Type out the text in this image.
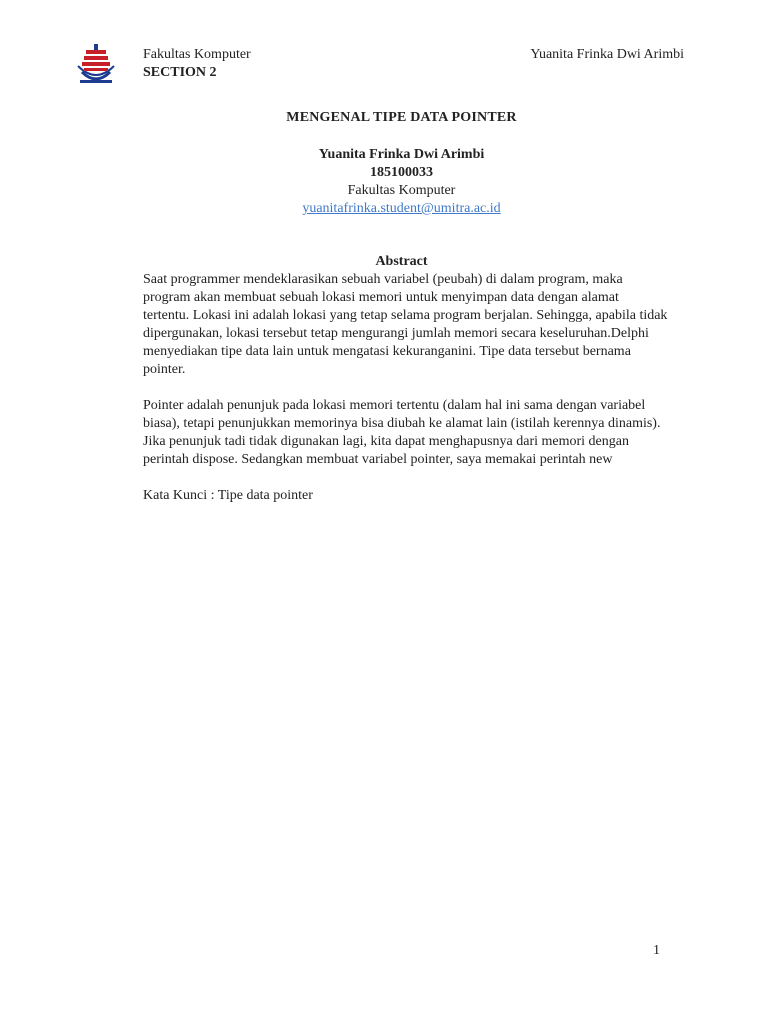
Fakultas Komputer
SECTION 2
Yuanita Frinka Dwi Arimbi
MENGENAL TIPE DATA POINTER
Yuanita Frinka Dwi Arimbi
185100033
Fakultas Komputer
yuanitafrinka.student@umitra.ac.id
Abstract

Saat programmer mendeklarasikan sebuah variabel (peubah) di dalam program, maka program akan membuat sebuah lokasi memori untuk menyimpan data dengan alamat tertentu. Lokasi ini adalah lokasi yang tetap selama program berjalan. Sehingga, apabila tidak dipergunakan, lokasi tersebut tetap mengurangi jumlah memori secara keseluruhan.Delphi menyediakan tipe data lain untuk mengatasi kekuranganini. Tipe data tersebut bernama pointer.

Pointer adalah penunjuk pada lokasi memori tertentu (dalam hal ini sama dengan variabel biasa), tetapi penunjukkan memorinya bisa diubah ke alamat lain (istilah kerennya dinamis). Jika penunjuk tadi tidak digunakan lagi, kita dapat menghapusnya dari memori dengan perintah dispose. Sedangkan membuat variabel pointer, saya memakai perintah new

Kata Kunci : Tipe data pointer

1
